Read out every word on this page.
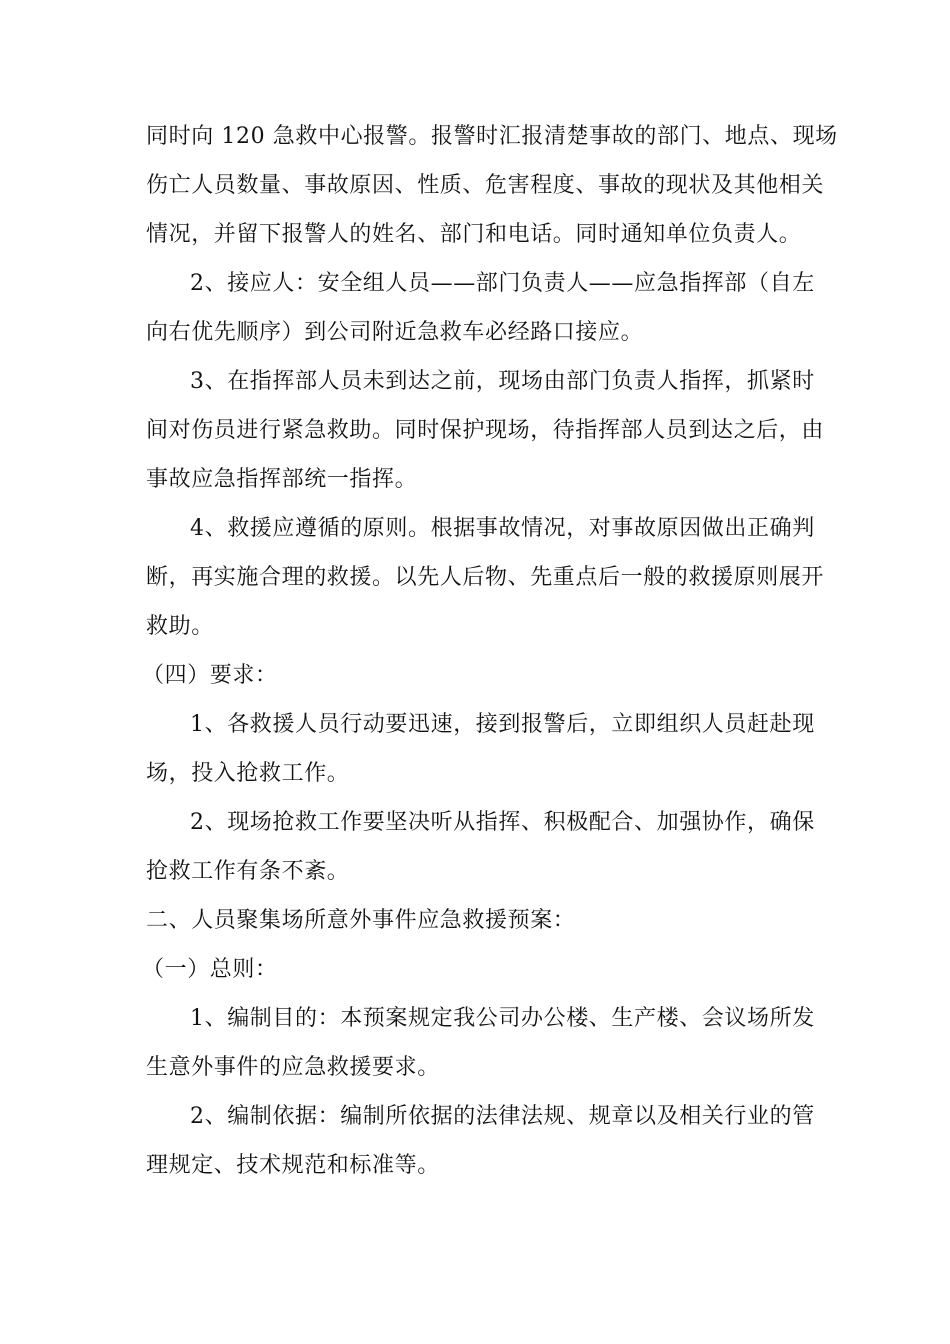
同时向 120 急救中心报警。报警时汇报清楚事故的部门、地点、现场
伤亡人员数量、事故原因、性质、危害程度、事故的现状及其他相关
情况，并留下报警人的姓名、部门和电话。同时通知单位负责人。
2、接应人：安全组人员——部门负责人——应急指挥部（自左
向右优先顺序）到公司附近急救车必经路口接应。
3、在指挥部人员未到达之前，现场由部门负责人指挥，抓紧时
间对伤员进行紧急救助。同时保护现场，待指挥部人员到达之后，由
事故应急指挥部统一指挥。
4、救援应遵循的原则。根据事故情况，对事故原因做出正确判
断，再实施合理的救援。以先人后物、先重点后一般的救援原则展开
救助。
（四）要求：
1、各救援人员行动要迅速，接到报警后，立即组织人员赶赴现
场，投入抢救工作。
2、现场抢救工作要坚决听从指挥、积极配合、加强协作，确保
抢救工作有条不紊。
二、人员聚集场所意外事件应急救援预案：
（一）总则：
1、编制目的：本预案规定我公司办公楼、生产楼、会议场所发
生意外事件的应急救援要求。
2、编制依据：编制所依据的法律法规、规章以及相关行业的管
理规定、技术规范和标准等。
